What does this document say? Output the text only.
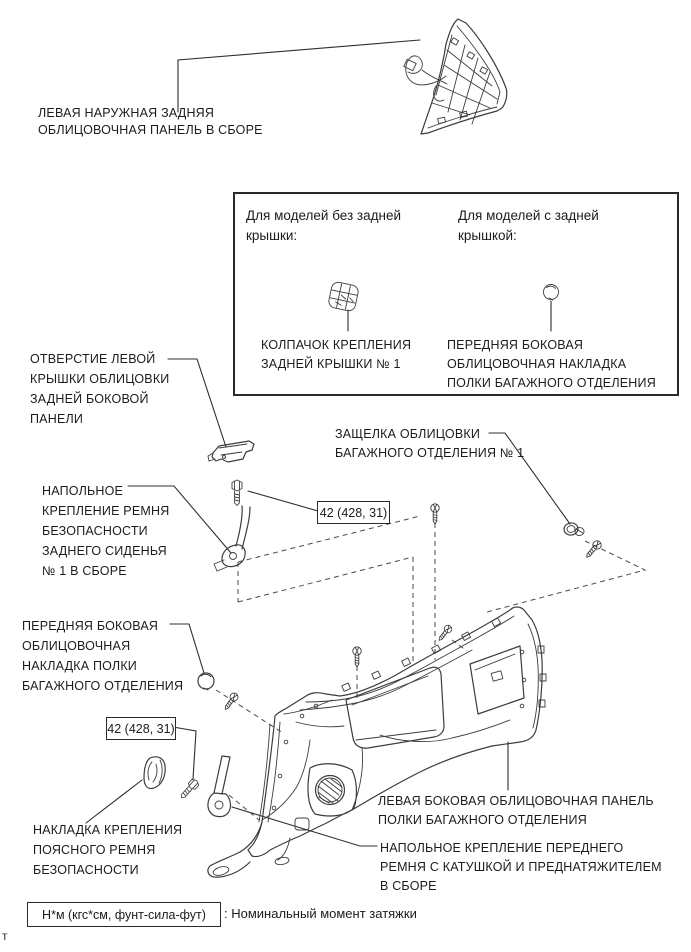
ЛЕВАЯ НАРУЖНАЯ ЗАДНЯЯ
ОБЛИЦОВОЧНАЯ ПАНЕЛЬ В СБОРЕ
Для моделей без задней
крышки:
Для моделей с задней
крышкой:
КОЛПАЧОК КРЕПЛЕНИЯ
ЗАДНЕЙ КРЫШКИ № 1
ПЕРЕДНЯЯ БОКОВАЯ
ОБЛИЦОВОЧНАЯ НАКЛАДКА
ПОЛКИ БАГАЖНОГО ОТДЕЛЕНИЯ
ОТВЕРСТИЕ ЛЕВОЙ
КРЫШКИ ОБЛИЦОВКИ
ЗАДНЕЙ БОКОВОЙ
ПАНЕЛИ
НАПОЛЬНОЕ
КРЕПЛЕНИЕ РЕМНЯ
БЕЗОПАСНОСТИ
ЗАДНЕГО СИДЕНЬЯ
№ 1 В СБОРЕ
ЗАЩЕЛКА ОБЛИЦОВКИ
БАГАЖНОГО ОТДЕЛЕНИЯ № 1
ПЕРЕДНЯЯ БОКОВАЯ
ОБЛИЦОВОЧНАЯ
НАКЛАДКА ПОЛКИ
БАГАЖНОГО ОТДЕЛЕНИЯ
НАКЛАДКА КРЕПЛЕНИЯ
ПОЯСНОГО РЕМНЯ
БЕЗОПАСНОСТИ
ЛЕВАЯ БОКОВАЯ ОБЛИЦОВОЧНАЯ ПАНЕЛЬ
ПОЛКИ БАГАЖНОГО ОТДЕЛЕНИЯ
НАПОЛЬНОЕ КРЕПЛЕНИЕ ПЕРЕДНЕГО
РЕМНЯ С КАТУШКОЙ И ПРЕДНАТЯЖИТЕЛЕМ
В СБОРЕ
42 (428, 31)
42 (428, 31)
Н*м (кгс*см, фунт-сила-фут)	: Номинальный момент затяжки
т
